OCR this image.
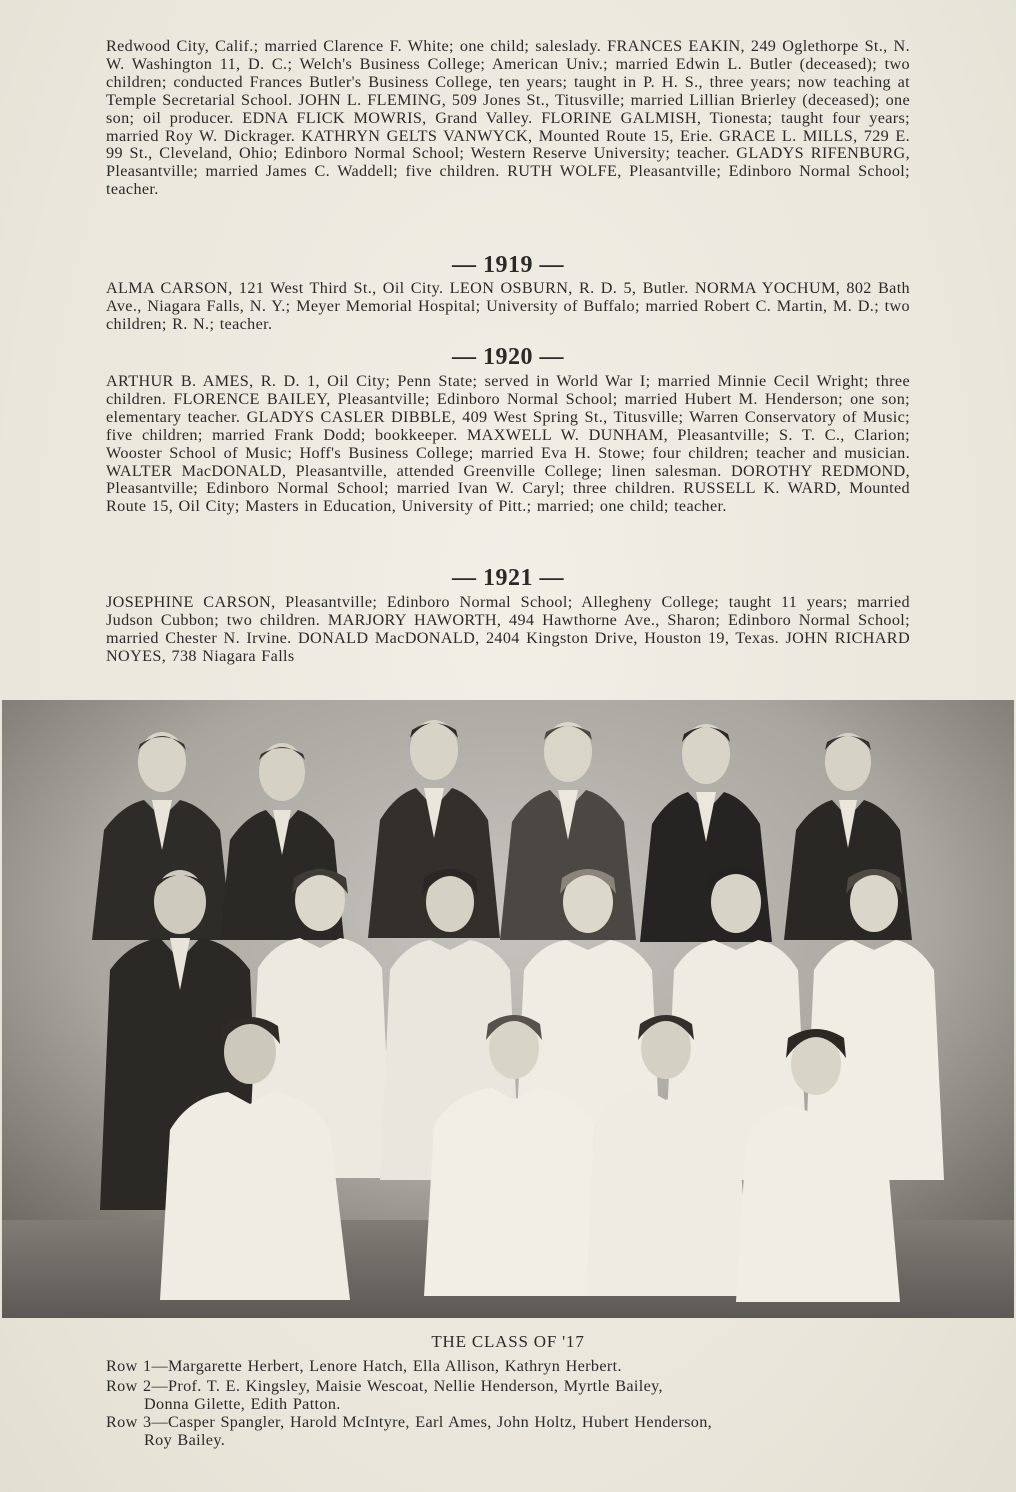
Redwood City, Calif.; married Clarence F. White; one child; saleslady. FRANCES EAKIN, 249 Oglethorpe St., N. W. Washington 11, D. C.; Welch's Business College; American Univ.; married Edwin L. Butler (deceased); two children; conducted Frances Butler's Business College, ten years; taught in P. H. S., three years; now teaching at Temple Secretarial School. JOHN L. FLEMING, 509 Jones St., Titusville; married Lillian Brierley (deceased); one son; oil producer. EDNA FLICK MOWRIS, Grand Valley. FLORINE GALMISH, Tionesta; taught four years; married Roy W. Dickrager. KATHRYN GELTS VANWYCK, Mounted Route 15, Erie. GRACE L. MILLS, 729 E. 99 St., Cleveland, Ohio; Edinboro Normal School; Western Reserve University; teacher. GLADYS RIFENBURG, Pleasantville; married James C. Waddell; five children. RUTH WOLFE, Pleasantville; Edinboro Normal School; teacher.

— 1919 —

ALMA CARSON, 121 West Third St., Oil City. LEON OSBURN, R. D. 5, Butler. NORMA YOCHUM, 802 Bath Ave., Niagara Falls, N. Y.; Meyer Memorial Hospital; University of Buffalo; married Robert C. Martin, M. D.; two children; R. N.; teacher.

— 1920 —

ARTHUR B. AMES, R. D. 1, Oil City; Penn State; served in World War I; married Minnie Cecil Wright; three children. FLORENCE BAILEY, Pleasantville; Edinboro Normal School; married Hubert M. Henderson; one son; elementary teacher. GLADYS CASLER DIBBLE, 409 West Spring St., Titusville; Warren Conservatory of Music; five children; married Frank Dodd; bookkeeper. MAXWELL W. DUNHAM, Pleasantville; S. T. C., Clarion; Wooster School of Music; Hoff's Business College; married Eva H. Stowe; four children; teacher and musician. WALTER MacDONALD, Pleasantville, attended Greenville College; linen salesman. DOROTHY REDMOND, Pleasantville; Edinboro Normal School; married Ivan W. Caryl; three children. RUSSELL K. WARD, Mounted Route 15, Oil City; Masters in Education, University of Pitt.; married; one child; teacher.

— 1921 —

JOSEPHINE CARSON, Pleasantville; Edinboro Normal School; Allegheny College; taught 11 years; married Judson Cubbon; two children. MARJORY HAWORTH, 494 Hawthorne Ave., Sharon; Edinboro Normal School; married Chester N. Irvine. DONALD MacDONALD, 2404 Kingston Drive, Houston 19, Texas. JOHN RICHARD NOYES, 738 Niagara Falls

THE CLASS OF '17
Row 1—Margarette Herbert, Lenore Hatch, Ella Allison, Kathryn Herbert.
Row 2—Prof. T. E. Kingsley, Maisie Wescoat, Nellie Henderson, Myrtle Bailey,
Donna Gilette, Edith Patton.
Row 3—Casper Spangler, Harold McIntyre, Earl Ames, John Holtz, Hubert Henderson,
Roy Bailey.
